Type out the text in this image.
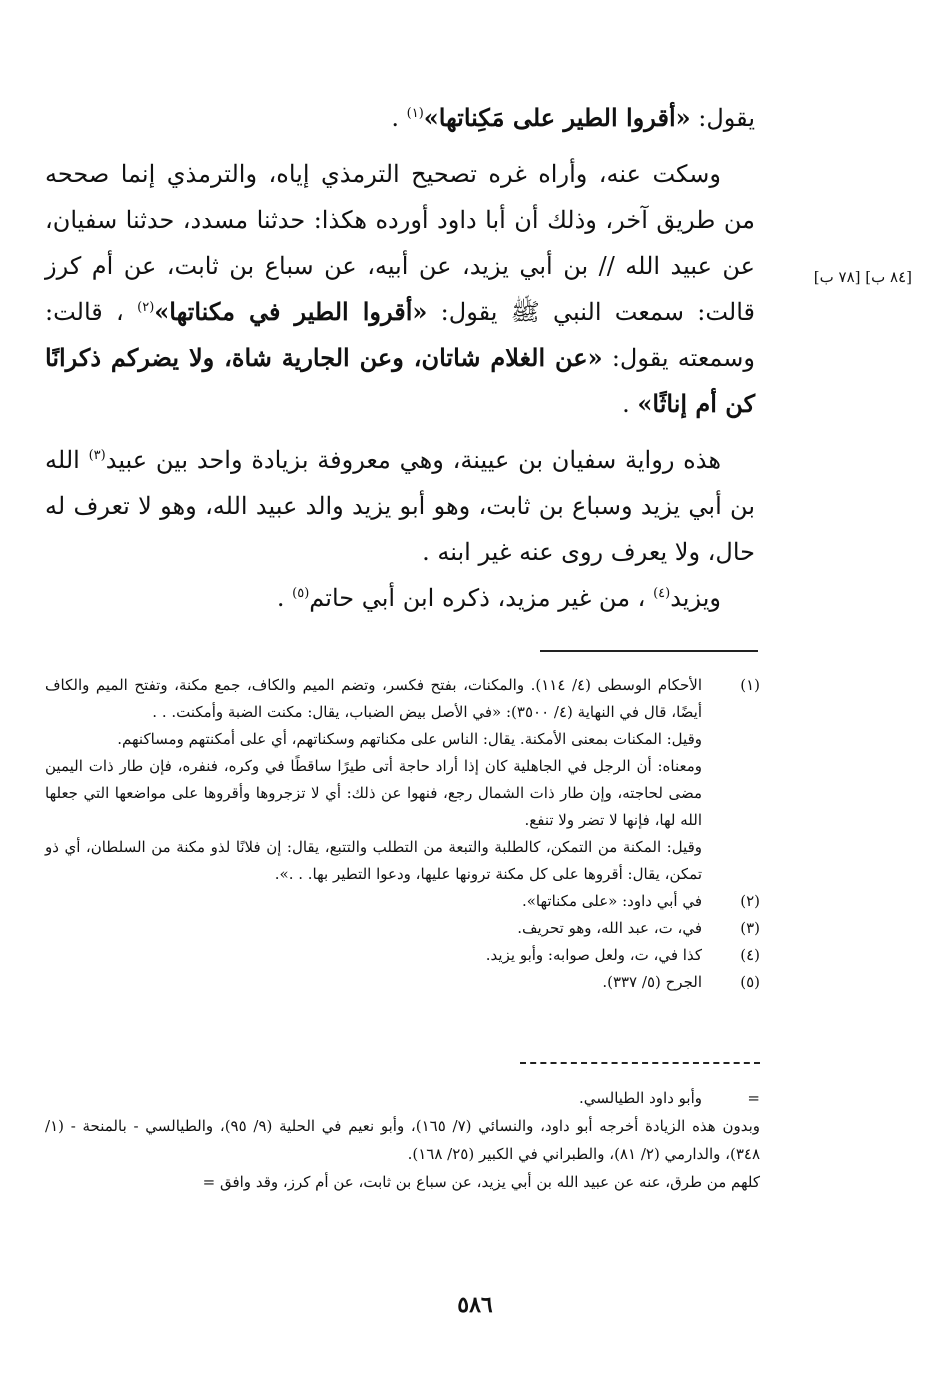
يقول: «أقروا الطير على مَكِناتها»$^{(١)}$ .

وسكت عنه، وأراه غره تصحيح الترمذي إياه، والترمذي إنما صححه من طريق آخر، وذلك أن أبا داود أورده هكذا: حدثنا مسدد، حدثنا سفيان، عن عبيد الله // بن أبي يزيد، عن أبيه، عن سباع بن ثابت، عن أم كرز قالت: سمعت النبي ﷺ يقول: «أقروا الطير في مكناتها»$^{(٢)}$ ، قالت: وسمعته يقول: «عن الغلام شاتان، وعن الجارية شاة، ولا يضركم ذكرانًا كن أم إناثًا» .

هذه رواية سفيان بن عيينة، وهي معروفة بزيادة واحد بين عبيد$^{(٣)}$ الله بن أبي يزيد وسباع بن ثابت، وهو أبو يزيد والد عبيد الله، وهو لا تعرف له حال، ولا يعرف روى عنه غير ابنه .

ويزيد$^{(٤)}$ ، من غير مزيد، ذكره ابن أبي حاتم$^{(٥)}$ .

[٨٤ ب] [٧٨ ب]
(١)
الأحكام الوسطى (٤/ ١١٤). والمكنات، بفتح فكسر، وتضم الميم والكاف، جمع مكنة، وتفتح الميم والكاف أيضًا، قال في النهاية (٤/ ٣٥٠٠): «في الأصل بيض الضباب، يقال: مكنت الضبة وأمكنت. . .
وقيل: المكنات بمعنى الأمكنة. يقال: الناس على مكناتهم وسكناتهم، أي على أمكنتهم ومساكنهم.
ومعناه: أن الرجل في الجاهلية كان إذا أراد حاجة أتى طيرًا ساقطًا في وكره، فنفره، فإن طار ذات اليمين مضى لحاجته، وإن طار ذات الشمال رجع، فنهوا عن ذلك: أي لا تزجروها وأقروها على مواضعها التي جعلها الله لها، فإنها لا تضر ولا تنفع.
وقيل: المكنة من التمكن، كالطلبة والتبعة من التطلب والتتبع، يقال: إن فلانًا لذو مكنة من السلطان، أي ذو تمكن، يقال: أقروها على كل مكنة ترونها عليها، ودعوا التطير بها. . .».
(٢)
في أبي داود: «على مكناتها».
(٣)
في، ت، عبد الله، وهو تحريف.
(٤)
كذا في، ت، ولعل صوابه: وأبو يزيد.
(٥)
الجرح (٥/ ٣٣٧).

=وأبو داود الطيالسي.

وبدون هذه الزيادة أخرجه أبو داود، والنسائي (٧/ ١٦٥)، وأبو نعيم في الحلية (٩/ ٩٥)، والطيالسي - بالمنحة - (١/ ٣٤٨)، والدارمي (٢/ ٨١)، والطبراني في الكبير (٢٥/ ١٦٨).

كلهم من طرق، عنه عن عبيد الله بن أبي يزيد، عن سباع بن ثابت، عن أم كرز، وقد وافق =

٥٨٦
